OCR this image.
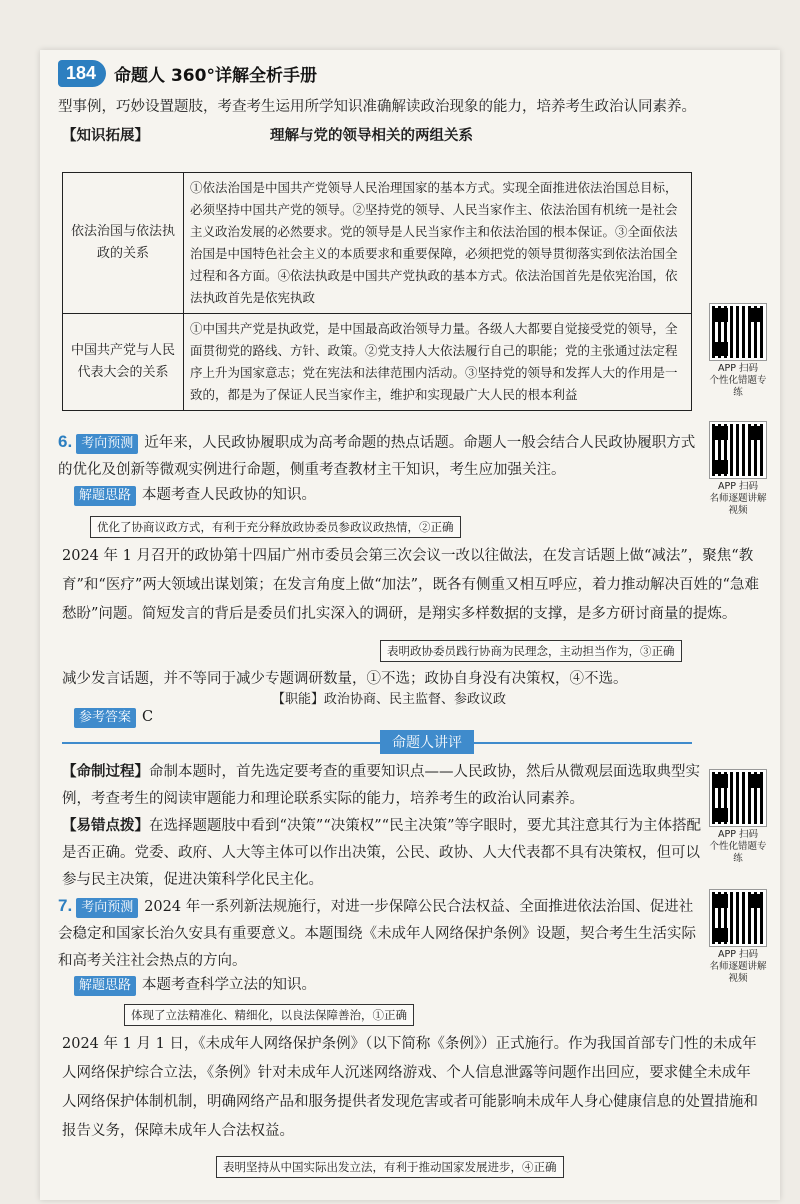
184	命题人 360°详解全析手册
型事例，巧妙设置题肢，考查考生运用所学知识准确解读政治现象的能力，培养考生政治认同素养。
【知识拓展】	理解与党的领导相关的两组关系
依法治国与依法执政的关系	①依法治国是中国共产党领导人民治理国家的基本方式。实现全面推进依法治国总目标，必须坚持中国共产党的领导。②坚持党的领导、人民当家作主、依法治国有机统一是社会主义政治发展的必然要求。党的领导是人民当家作主和依法治国的根本保证。③全面依法治国是中国特色社会主义的本质要求和重要保障，必须把党的领导贯彻落实到依法治国全过程和各方面。④依法执政是中国共产党执政的基本方式。依法治国首先是依宪治国，依法执政首先是依宪执政
中国共产党与人民代表大会的关系	①中国共产党是执政党，是中国最高政治领导力量。各级人大都要自觉接受党的领导，全面贯彻党的路线、方针、政策。②党支持人大依法履行自己的职能；党的主张通过法定程序上升为国家意志；党在宪法和法律范围内活动。③坚持党的领导和发挥人大的作用是一致的，都是为了保证人民当家作主，维护和实现最广大人民的根本利益
APP 扫码
个性化错题专练
6. 考向预测 近年来，人民政协履职成为高考命题的热点话题。命题人一般会结合人民政协履职方式的优化及创新等微观实例进行命题，侧重考查教材主干知识，考生应加强关注。
解题思路 本题考查人民政协的知识。
APP 扫码
名师逐题讲解视频
优化了协商议政方式，有利于充分释放政协委员参政议政热情，②正确
2024 年 1 月召开的政协第十四届广州市委员会第三次会议一改以往做法，在发言话题上做“减法”，聚焦“教育”和“医疗”两大领域出谋划策；在发言角度上做“加法”，既各有侧重又相互呼应，着力推动解决百姓的“急难愁盼”问题。简短发言的背后是委员们扎实深入的调研，是翔实多样数据的支撑，是多方研讨商量的提炼。
表明政协委员践行协商为民理念，主动担当作为，③正确
减少发言话题，并不等同于减少专题调研数量，①不选；政协自身没有决策权，④不选。
【职能】政治协商、民主监督、参政议政
参考答案 C
命题人讲评
【命制过程】命制本题时，首先选定要考查的重要知识点——人民政协，然后从微观层面选取典型实例，考查考生的阅读审题能力和理论联系实际的能力，培养考生的政治认同素养。
【易错点拨】在选择题题肢中看到“决策”“决策权”“民主决策”等字眼时，要尤其注意其行为主体搭配是否正确。党委、政府、人大等主体可以作出决策，公民、政协、人大代表都不具有决策权，但可以参与民主决策，促进决策科学化民主化。
APP 扫码
个性化错题专练
7. 考向预测 2024 年一系列新法规施行，对进一步保障公民合法权益、全面推进依法治国、促进社会稳定和国家长治久安具有重要意义。本题围绕《未成年人网络保护条例》设题，契合考生生活实际和高考关注社会热点的方向。	APP 扫码
名师逐题讲解视频
解题思路 本题考查科学立法的知识。
体现了立法精准化、精细化，以良法保障善治，①正确
2024 年 1 月 1 日，《未成年人网络保护条例》（以下简称《条例》）正式施行。作为我国首部专门性的未成年人网络保护综合立法，《条例》针对未成年人沉迷网络游戏、个人信息泄露等问题作出回应，要求健全未成年人网络保护体制机制，明确网络产品和服务提供者发现危害或者可能影响未成年人身心健康信息的处置措施和报告义务，保障未成年人合法权益。
表明坚持从中国实际出发立法，有利于推动国家发展进步，④正确
